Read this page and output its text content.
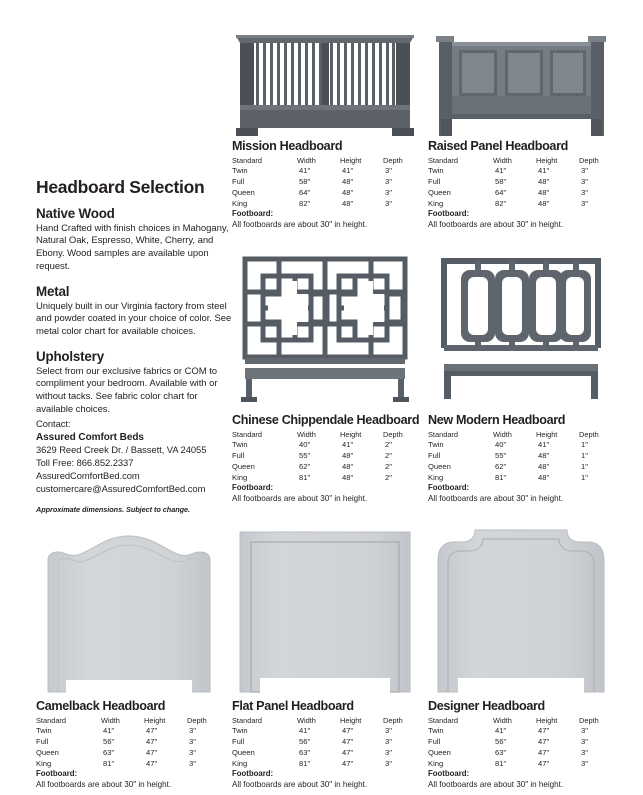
Headboard Selection
Native Wood

Hand Crafted with finish choices in Mahogany, Natural Oak, Espresso, White, Cherry, and Ebony. Wood samples are available upon request.

Metal

Uniquely built in our Virginia factory from steel and powder coated in your choice of color. See metal color chart for available choices.

Upholstery

Select from our exclusive fabrics or COM to compliment your bedroom. Available with or without tacks. See fabric color chart for available choices.

Contact:
Assured Comfort Beds
3629 Reed Creek Dr. / Bassett, VA 24055
Toll Free: 866.852.2337
AssuredComfortBed.com
customercare@AssuredComfortBed.com
Approximate dimensions. Subject to change.
Mission Headboard
Standard	Width	Height	Depth
Twin	41"	41"	3"
Full	58"	48"	3"
Queen	64"	48"	3"
King	82"	48"	3"
Footboard:
All footboards are about 30" in height.
Raised Panel Headboard
Standard	Width	Height	Depth
Twin	41"	41"	3"
Full	58"	48"	3"
Queen	64"	48"	3"
King	82"	48"	3"
Footboard:
All footboards are about 30" in height.
Chinese Chippendale Headboard
Standard	Width	Height	Depth
Twin	40"	41"	2"
Full	55"	48"	2"
Queen	62"	48"	2"
King	81"	48"	2"
Footboard:
All footboards are about 30" in height.
New Modern Headboard
Standard	Width	Height	Depth
Twin	40"	41"	1"
Full	55"	48"	1"
Queen	62"	48"	1"
King	81"	48"	1"
Footboard:
All footboards are about 30" in height.
Camelback Headboard
Standard	Width	Height	Depth
Twin	41"	47"	3"
Full	56"	47"	3"
Queen	63"	47"	3"
King	81"	47"	3"
Footboard:
All footboards are about 30" in height.
Flat Panel Headboard
Standard	Width	Height	Depth
Twin	41"	47"	3"
Full	56"	47"	3"
Queen	63"	47"	3"
King	81"	47"	3"
Footboard:
All footboards are about 30" in height.
Designer Headboard
Standard	Width	Height	Depth
Twin	41"	47"	3"
Full	56"	47"	3"
Queen	63"	47"	3"
King	81"	47"	3"
Footboard:
All footboards are about 30" in height.
